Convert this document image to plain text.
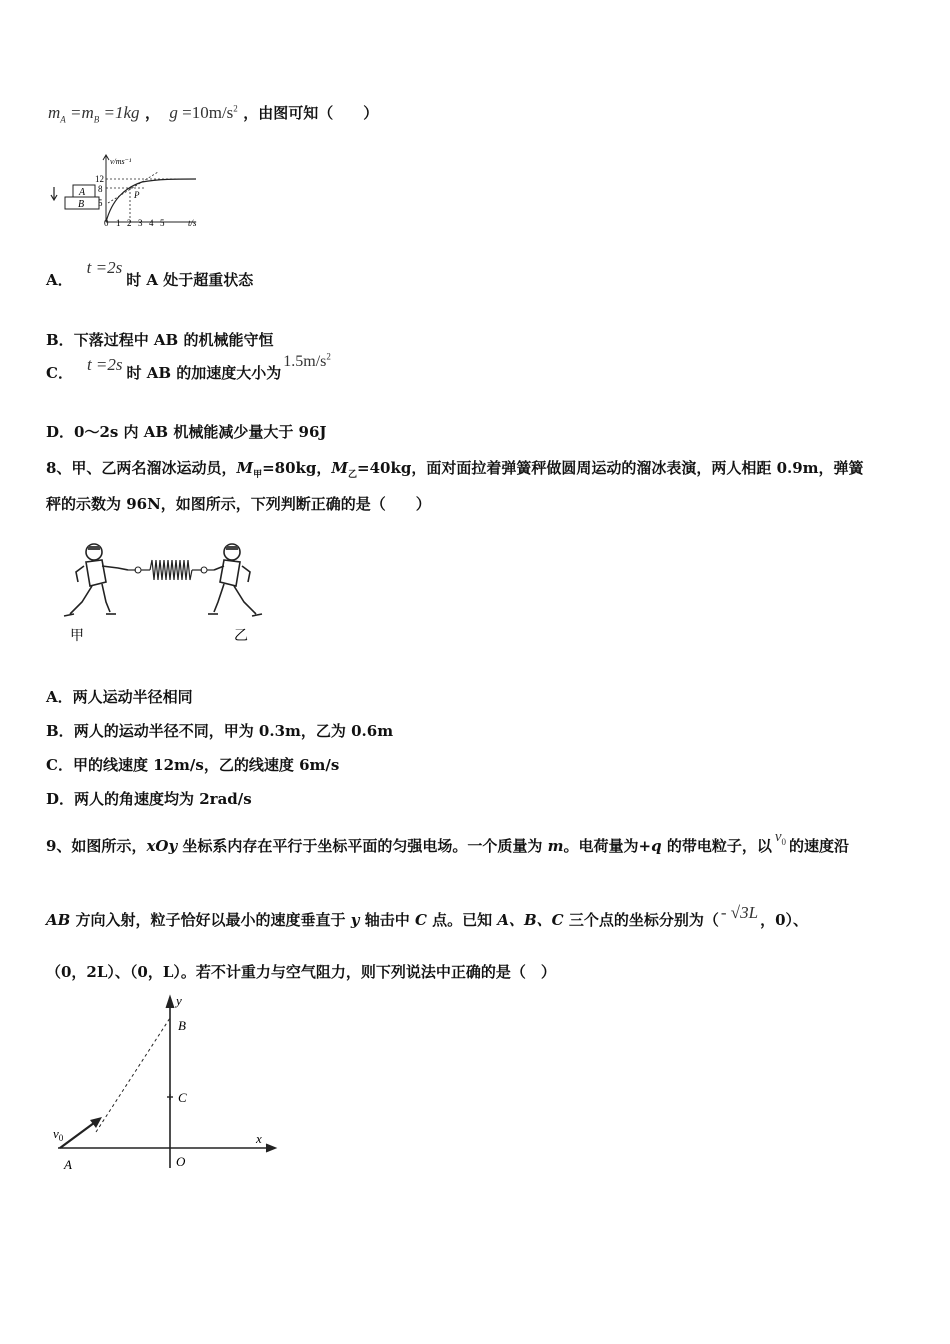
$m_A =m_B =1kg$ ， $g =10m/s^2$ ，由图可知（　　）
A
B
v/ms⁻¹
t/s
12
8
5
0 1 2 3 4 5
P
A．t =2s时 A 处于超重状态
B．下落过程中 AB 的机械能守恒
C． t =2s 时 AB 的加速度大小为$1.5m/s^2$
D．0～2s 内 AB 机械能减少量大于 96J
8、甲、乙两名溜冰运动员，$M_甲=80kg$，$M_乙=40kg$，面对面拉着弹簧秤做圆周运动的溜冰表演，两人相距 0.9m，弹簧
秤的示数为 96N，如图所示，下列判断正确的是（　　）
甲	乙
A．两人运动半径相同
B．两人的运动半径不同，甲为 0.3m，乙为 0.6m
C．甲的线速度 12m/s，乙的线速度 6m/s
D．两人的角速度均为 2rad/s
9、如图所示，xOy 坐标系内存在平行于坐标平面的匀强电场。一个质量为 m。电荷量为+q 的带电粒子，以 $v_0$ 的速度沿
AB 方向入射，粒子恰好以最小的速度垂直于 y 轴击中 C 点。已知 A、B、C 三个点的坐标分别为（ - √3L ，0）、
（0，2L）、（0，L）。若不计重力与空气阻力，则下列说法中正确的是（　）
x
y
B
C
O
A
$v_0$
